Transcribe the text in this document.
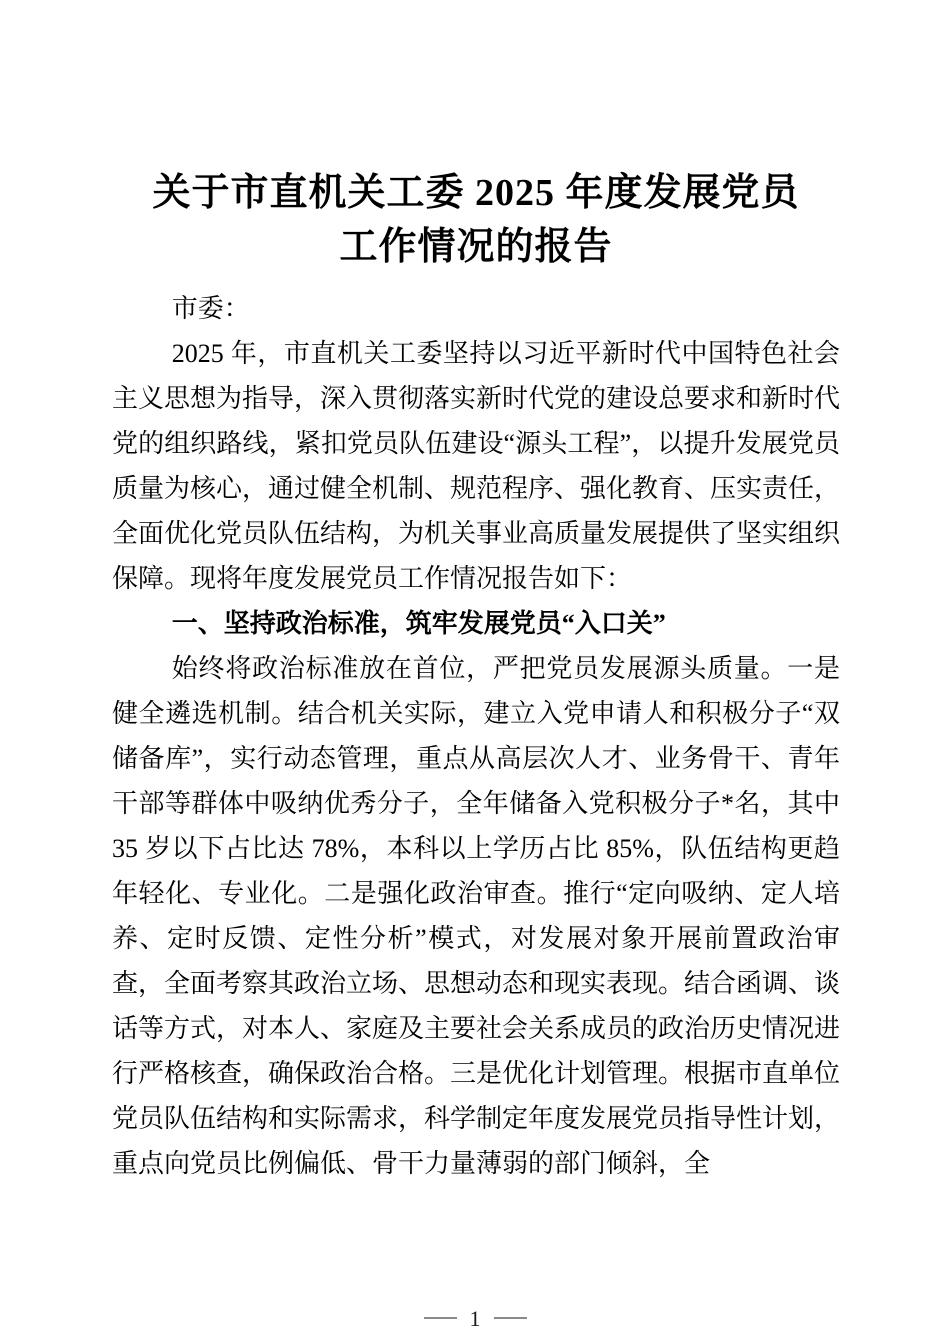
关于市直机关工委 2025 年度发展党员
工作情况的报告

市委：

2025 年，市直机关工委坚持以习近平新时代中国特色社会主义思想为指导，深入贯彻落实新时代党的建设总要求和新时代党的组织路线，紧扣党员队伍建设“源头工程”，以提升发展党员质量为核心，通过健全机制、规范程序、强化教育、压实责任，全面优化党员队伍结构，为机关事业高质量发展提供了坚实组织保障。现将年度发展党员工作情况报告如下：

一、坚持政治标准，筑牢发展党员“入口关”

始终将政治标准放在首位，严把党员发展源头质量。一是健全遴选机制。结合机关实际，建立入党申请人和积极分子“双储备库”，实行动态管理，重点从高层次人才、业务骨干、青年干部等群体中吸纳优秀分子，全年储备入党积极分子*名，其中 35 岁以下占比达 78%，本科以上学历占比 85%，队伍结构更趋年轻化、专业化。二是强化政治审查。推行“定向吸纳、定人培养、定时反馈、定性分析”模式，对发展对象开展前置政治审查，全面考察其政治立场、思想动态和现实表现。结合函调、谈话等方式，对本人、家庭及主要社会关系成员的政治历史情况进行严格核查，确保政治合格。三是优化计划管理。根据市直单位党员队伍结构和实际需求，科学制定年度发展党员指导性计划，重点向党员比例偏低、骨干力量薄弱的部门倾斜，全

1
